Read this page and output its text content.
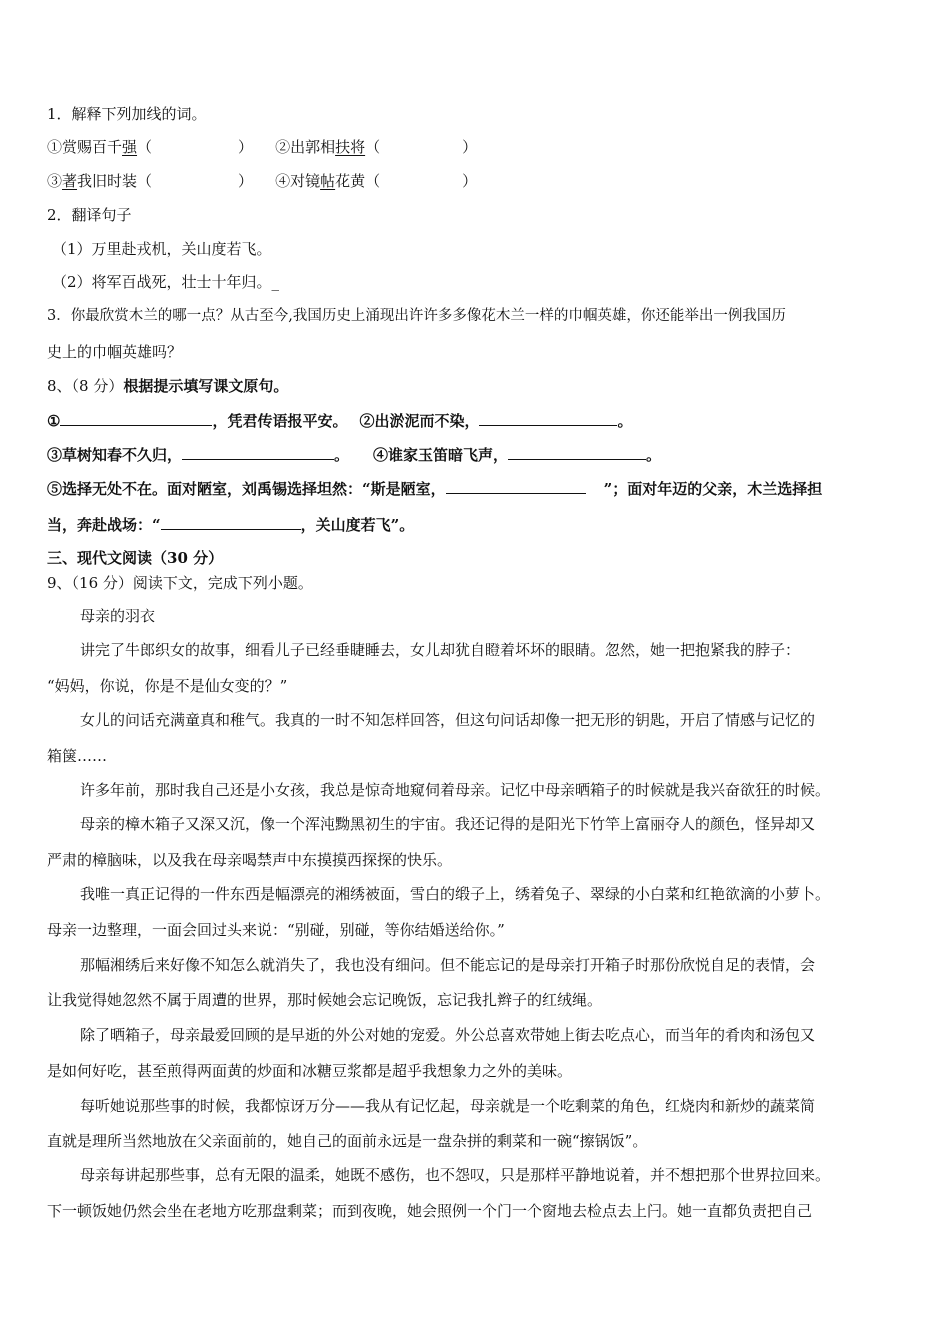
1．解释下列加线的词。
①赏赐百千强（	） ②出郭相扶将（	）
③著我旧时装（	） ④对镜帖花黄（	）
2．翻译句子
（1）万里赴戎机，关山度若飞。
（2）将军百战死，壮士十年归。_
3．你最欣赏木兰的哪一点？从古至今,我国历史上涌现出许许多多像花木兰一样的巾帼英雄，你还能举出一例我国历
史上的巾帼英雄吗？
8、（8 分）根据提示填写课文原句。
①	，凭君传语报平安。 ②出淤泥而不染，	。
③草树知春不久归，	。 ④谁家玉笛暗飞声，	。
⑤选择无处不在。面对陋室，刘禹锡选择坦然：“斯是陋室，	”；面对年迈的父亲，木兰选择担
当，奔赴战场：“	，关山度若飞”。
三、现代文阅读（30 分）
9、（16 分）阅读下文，完成下列小题。
母亲的羽衣
讲完了牛郎织女的故事，细看儿子已经垂睫睡去，女儿却犹自瞪着坏坏的眼睛。忽然，她一把抱紧我的脖子：
“妈妈，你说，你是不是仙女变的？”
女儿的问话充满童真和稚气。我真的一时不知怎样回答，但这句问话却像一把无形的钥匙，开启了情感与记忆的
箱箧……
许多年前，那时我自己还是小女孩，我总是惊奇地窥伺着母亲。记忆中母亲晒箱子的时候就是我兴奋欲狂的时候。
母亲的樟木箱子又深又沉，像一个浑沌黝黑初生的宇宙。我还记得的是阳光下竹竿上富丽夺人的颜色，怪异却又
严肃的樟脑味，以及我在母亲喝禁声中东摸摸西探探的快乐。
我唯一真正记得的一件东西是幅漂亮的湘绣被面，雪白的缎子上，绣着兔子、翠绿的小白菜和红艳欲滴的小萝卜。
母亲一边整理，一面会回过头来说：“别碰，别碰，等你结婚送给你。”
那幅湘绣后来好像不知怎么就消失了，我也没有细问。但不能忘记的是母亲打开箱子时那份欣悦自足的表情，会
让我觉得她忽然不属于周遭的世界，那时候她会忘记晚饭，忘记我扎辫子的红绒绳。
除了晒箱子，母亲最爱回顾的是早逝的外公对她的宠爱。外公总喜欢带她上街去吃点心，而当年的肴肉和汤包又
是如何好吃，甚至煎得两面黄的炒面和冰糖豆浆都是超乎我想象力之外的美味。
每听她说那些事的时候，我都惊讶万分——我从有记忆起，母亲就是一个吃剩菜的角色，红烧肉和新炒的蔬菜简
直就是理所当然地放在父亲面前的，她自己的面前永远是一盘杂拼的剩菜和一碗“擦锅饭”。
母亲每讲起那些事，总有无限的温柔，她既不感伤，也不怨叹，只是那样平静地说着，并不想把那个世界拉回来。
下一顿饭她仍然会坐在老地方吃那盘剩菜；而到夜晚，她会照例一个门一个窗地去检点去上闩。她一直都负责把自己
